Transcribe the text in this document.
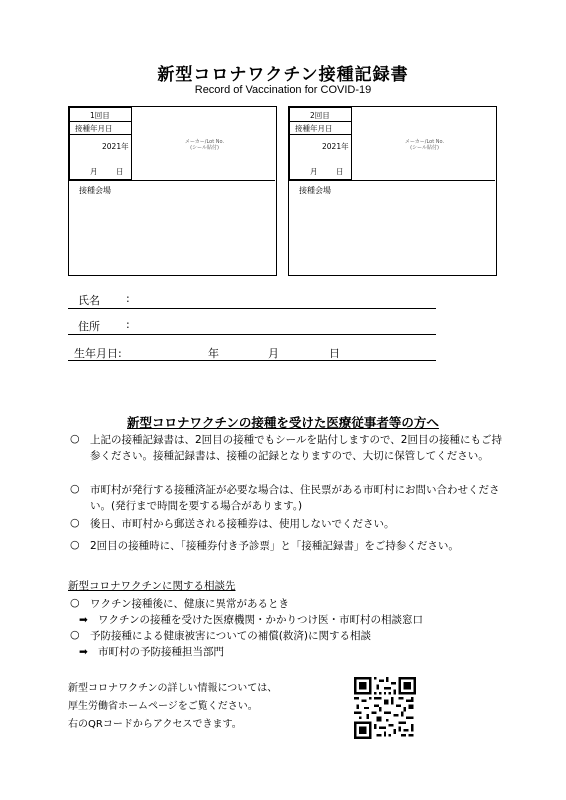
新型コロナワクチン接種記録書
Record of Vaccination for COVID-19
1回目
接種年月日
2021年
月 日
メーカー/Lot No.
(シール貼付)
接種会場
2回目
接種年月日
2021年
月 日
メーカー/Lot No.
(シール貼付)
接種会場
氏名 :
住所 :
生年月日:	年	月	日
新型コロナワクチンの接種を受けた医療従事者等の方へ
○ 上記の接種記録書は、2回目の接種でもシールを貼付しますので、2回目の接種にもご持参ください。接種記録書は、接種の記録となりますので、大切に保管してください。
○ 市町村が発行する接種済証が必要な場合は、住民票がある市町村にお問い合わせください。(発行まで時間を要する場合があります。)
○ 後日、市町村から郵送される接種券は、使用しないでください。
○ 2回目の接種時に、「接種券付き予診票」と「接種記録書」をご持参ください。
新型コロナワクチンに関する相談先
○ ワクチン接種後に、健康に異常があるとき
➡ ワクチンの接種を受けた医療機関・かかりつけ医・市町村の相談窓口
○ 予防接種による健康被害についての補償(救済)に関する相談
➡ 市町村の予防接種担当部門
新型コロナワクチンの詳しい情報については、
厚生労働省ホームページをご覧ください。
右のQRコードからアクセスできます。
